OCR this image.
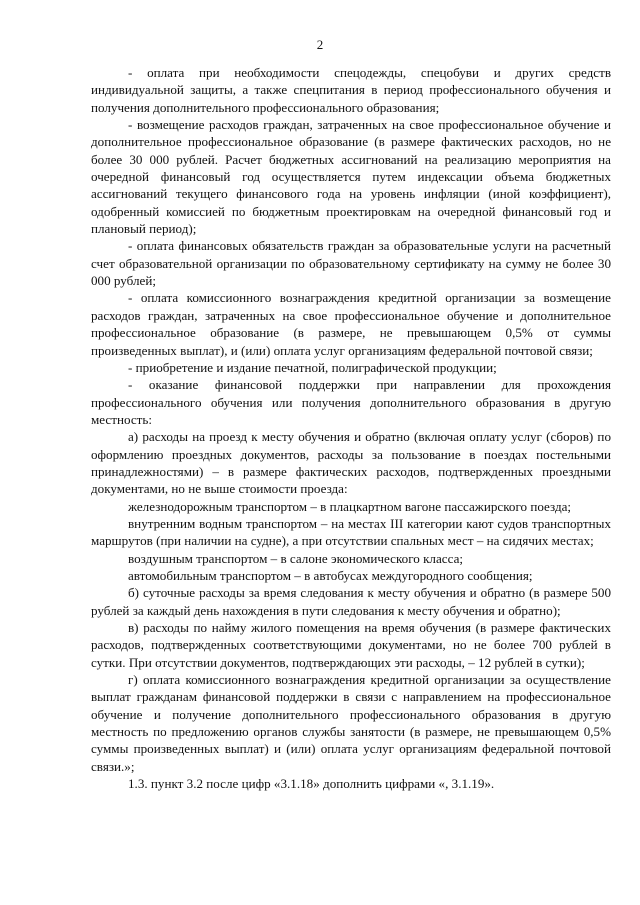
2

- оплата при необходимости спецодежды, спецобуви и других средств индивидуальной защиты, а также спецпитания в период профессионального обучения и получения дополнительного профессионального образования;

- возмещение расходов граждан, затраченных на свое профессиональное обучение и дополнительное профессиональное образование (в размере фактических расходов, но не более 30 000 рублей. Расчет бюджетных ассигнований на реализацию мероприятия на очередной финансовый год осуществляется путем индексации объема бюджетных ассигнований текущего финансового года на уровень инфляции (иной коэффициент), одобренный комиссией по бюджетным проектировкам на очередной финансовый год и плановый период);

- оплата финансовых обязательств граждан за образовательные услуги на расчетный счет образовательной организации по образовательному сертификату на сумму не более 30 000 рублей;

- оплата комиссионного вознаграждения кредитной организации за возмещение расходов граждан, затраченных на свое профессиональное обучение и дополнительное профессиональное образование (в размере, не превышающем 0,5% от суммы произведенных выплат), и (или) оплата услуг организациям федеральной почтовой связи;

- приобретение и издание печатной, полиграфической продукции;

- оказание финансовой поддержки при направлении для прохождения профессионального обучения или получения дополнительного образования в другую местность:

а) расходы на проезд к месту обучения и обратно (включая оплату услуг (сборов) по оформлению проездных документов, расходы за пользование в поездах постельными принадлежностями) – в размере фактических расходов, подтвержденных проездными документами, но не выше стоимости проезда:

железнодорожным транспортом – в плацкартном вагоне пассажирского поезда;

внутренним водным транспортом – на местах III категории кают судов транспортных маршрутов (при наличии на судне), а при отсутствии спальных мест – на сидячих местах;

воздушным транспортом – в салоне экономического класса;

автомобильным транспортом – в автобусах междугородного сообщения;

б) суточные расходы за время следования к месту обучения и обратно (в размере 500 рублей за каждый день нахождения в пути следования к месту обучения и обратно);

в) расходы по найму жилого помещения на время обучения (в размере фактических расходов, подтвержденных соответствующими документами, но не более 700 рублей в сутки. При отсутствии документов, подтверждающих эти расходы, – 12 рублей в сутки);

г) оплата комиссионного вознаграждения кредитной организации за осуществление выплат гражданам финансовой поддержки в связи с направлением на профессиональное обучение и получение дополнительного профессионального образования в другую местность по предложению органов службы занятости (в размере, не превышающем 0,5% суммы произведенных выплат) и (или) оплата услуг организациям федеральной почтовой связи.»;

1.3. пункт 3.2 после цифр «3.1.18» дополнить цифрами «, 3.1.19».
